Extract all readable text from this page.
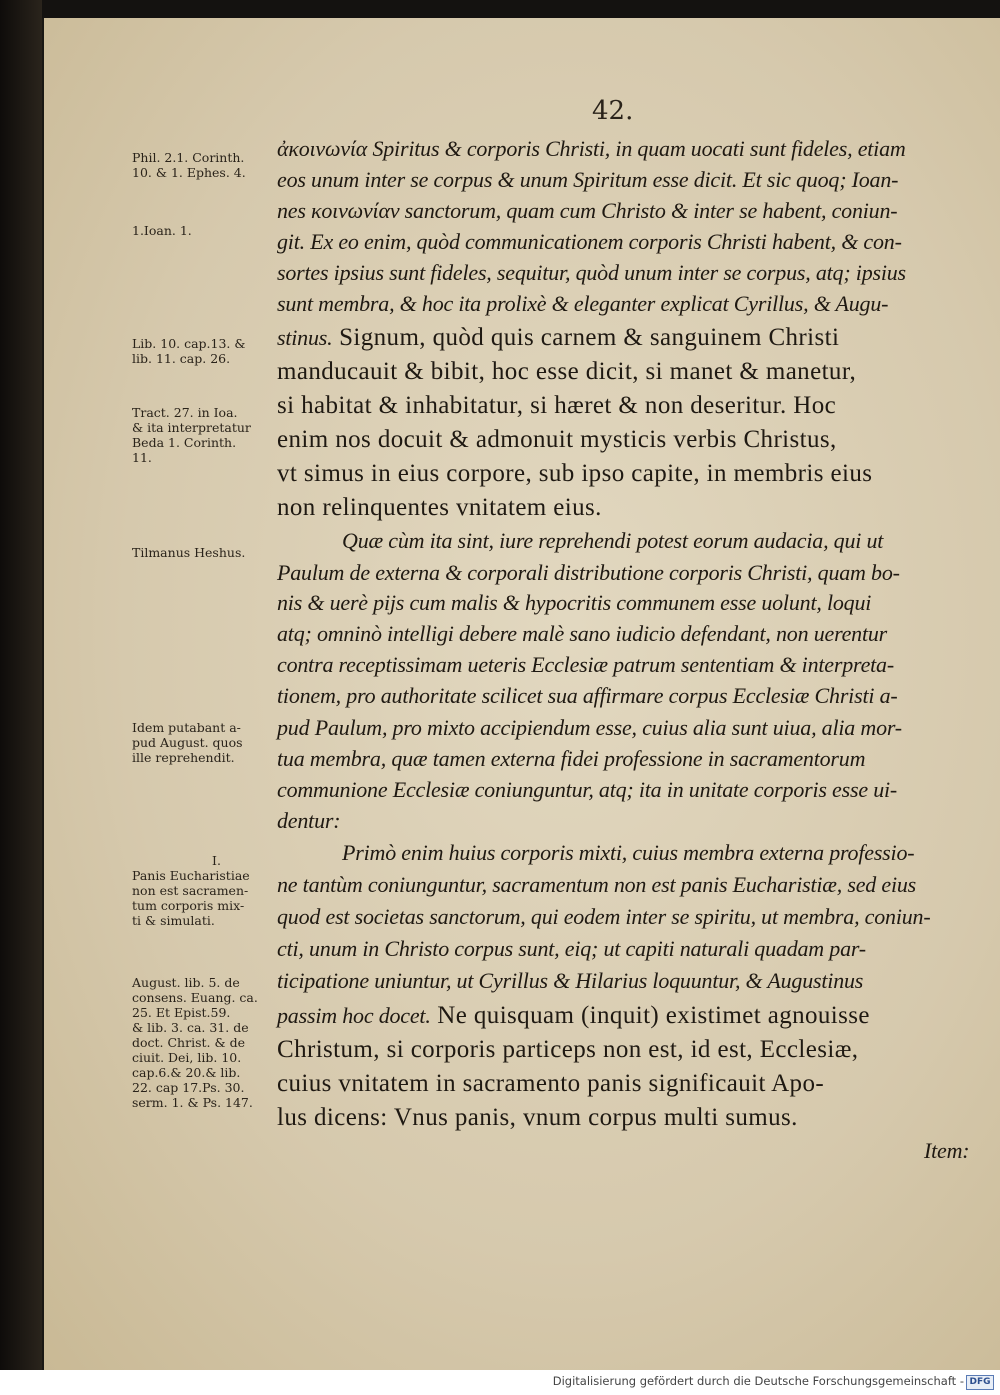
42.
Phil. 2.1. Corinth.
10. & 1. Ephes. 4.
1.Ioan. 1.
Lib. 10. cap.13. &
lib. 11. cap. 26.
Tract. 27. in Ioa.
& ita interpretatur
Beda 1. Corinth.
11.
Tilmanus Heshus.
Idem putabant a-
pud August. quos
ille reprehendit.
I.
Panis Eucharistiae
non est sacramen-
tum corporis mix-
ti & simulati.
August. lib. 5. de
consens. Euang. ca.
25. Et Epist.59.
& lib. 3. ca. 31. de
doct. Christ. & de
ciuit. Dei, lib. 10.
cap.6.& 20.& lib.
22. cap 17.Ps. 30.
serm. 1. & Ps. 147.
ἀκοινωνία Spiritus & corporis Christi, in quam uocati sunt fideles, etiam
eos unum inter se corpus & unum Spiritum esse dicit. Et sic quoq; Ioan-
nes κοινωνίαν sanctorum, quam cum Christo & inter se habent, coniun-
git. Ex eo enim, quòd communicationem corporis Christi habent, & con-
sortes ipsius sunt fideles, sequitur, quòd unum inter se corpus, atq; ipsius
sunt membra, & hoc ita prolixè & eleganter explicat Cyrillus, & Augu-
stinus. Signum, quòd quis carnem & sanguinem Christi
manducauit & bibit, hoc esse dicit, si manet & manetur,
si habitat & inhabitatur, si hæret & non deseritur. Hoc
enim nos docuit & admonuit mysticis verbis Christus,
vt simus in eius corpore, sub ipso capite, in membris eius
non relinquentes vnitatem eius.
Quæ cùm ita sint, iure reprehendi potest eorum audacia, qui ut
Paulum de externa & corporali distributione corporis Christi, quam bo-
nis & uerè pijs cum malis & hypocritis communem esse uolunt, loqui
atq; omninò intelligi debere malè sano iudicio defendant, non uerentur
contra receptissimam ueteris Ecclesiæ patrum sententiam & interpreta-
tionem, pro authoritate scilicet sua affirmare corpus Ecclesiæ Christi a-
pud Paulum, pro mixto accipiendum esse, cuius alia sunt uiua, alia mor-
tua membra, quæ tamen externa fidei professione in sacramentorum
communione Ecclesiæ coniunguntur, atq; ita in unitate corporis esse ui-
dentur:
Primò enim huius corporis mixti, cuius membra externa professio-
ne tantùm coniunguntur, sacramentum non est panis Eucharistiæ, sed eius
quod est societas sanctorum, qui eodem inter se spiritu, ut membra, coniun-
cti, unum in Christo corpus sunt, eiq; ut capiti naturali quadam par-
ticipatione uniuntur, ut Cyrillus & Hilarius loquuntur, & Augustinus
passim hoc docet. Ne quisquam (inquit) existimet agnouisse
Christum, si corporis particeps non est, id est, Ecclesiæ,
cuius vnitatem in sacramento panis significauit Apo-
lus dicens: Vnus panis, vnum corpus multi sumus.
Item:
Digitalisierung gefördert durch die Deutsche Forschungsgemeinschaft - DFG
